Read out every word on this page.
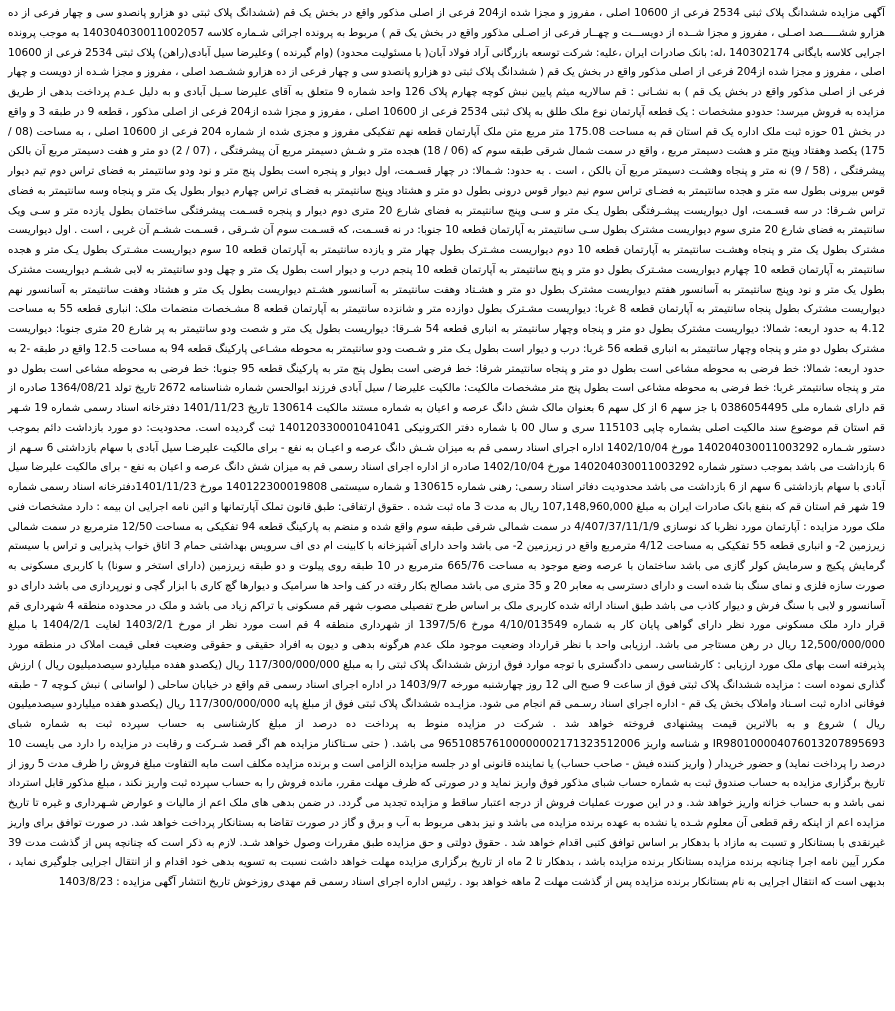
آگهی مزایده ششدانگ پلاک ثبتی 2534 فرعی از 10600 اصلی ، مفروز و مجزا شده از204 فرعی از اصلی مذکور واقع در بخش یک قم (ششدانگ پلاک ثبتی دو هزارو پانصدو سی و چهار فرعی از ده هزارو ششـــــصد اصـلی ، مفروز و مجزا شــده از دویســـت و چهــار فرعی از اصـلی مذکور واقع در بخش یک قم ) مربوط به پرونده اجرائی شـماره کلاسه 140304030011002057 به موجب پرونده اجرایی کلاسه بایگانی 140302174 ،له: بانک صادرات ایران ،علیه: شرکت توسعه بازرگانی آراد فولاد آبان( با مسئولیت محدود) (وام گیرنده ) وعلیرضا سیل آبادی(راهن) پلاک ثبتی 2534 فرعی از 10600 اصلی ، مفروز و مجزا شده از204 فرعی از اصلی مذکور واقع در بخش یک قم ( ششدانگ پلاک ثبتی دو هزارو پانصدو سی و چهار فرعی از ده هزارو ششـصد اصلی ، مفروز و مجزا شـده از دویست و چهار فرعی از اصلی مذکور واقع در بخش یک قم ) به نشـانی : قم سالاریه میثم پایین نبش کوچه چهارم پلاک 126 واحد شماره 9 متعلق به آقای علیرضا سـیل آبادی و به دلیل عـدم پرداخت بدهی از طریق مزایده به فروش میرسد: حدودو مشخصات : یک قطعه آپارتمان نوع ملک طلق به پلاک ثبتی 2534 فرعی از 10600 اصلی ، مفروز و مجزا شده از204 فرعی از اصلی مذکور ، قطعه 9 در طبقه 3 و واقع در بخش 01 حوزه ثبت ملک اداره یک قم استان قم به مساحت 175.08 متر مربع متن ملک آپارتمان قطعه نهم تفکیکی مفروز و مجزی شده از شماره 204 فرعی از 10600 اصلی ، به مساحت (08 / 175) یکصد وهفتاد وپنج متر و هشت دسیمتر مربع ، واقع در سمت شمال شرقی طبقه سوم که (06 / 18) هجده متر و شـش دسیمتر مربع آن پیشرفتگی ، (07 / 2) دو متر و هفت دسیمتر مربع آن بالکن پیشرفتگی ، (58 / 9) نه متر و پنجاه وهشـت دسیمتر مربع آن بالکن ، است . به حدود: شـمالا: در چهار قسـمت، اول دیوار و پنجره است بطول پنج متر و نود ودو سانتیمتر به فضای تراس دوم تیم دیوار قوس بیرونی بطول سه متر و هجده سانتیمتر به فضـای تراس سوم نیم دیوار قوس درونی بطول دو متر و هشتاد وپنج سانتیمتر به فضـای تراس چهارم دیوار بطول یک متر و پنجاه وسه سانتیمتر به فضای تراس شـرقا: در سه قسـمت، اول دیواریست پیشـرفتگی بطول یـک متر و سـی وپنج سانتیمتر به فضای شارع 20 متری دوم دیوار و پنجره قسـمت پیشرفتگی ساختمان بطول یازده متر و سـی ویک سانتیمتر به فضای شارع 20 متری سوم دیواریست مشترک بطول سـی سانتیمتر به آپارتمان قطعه 10 جنوبا: در نه قسـمت، که قسـمت سوم آن شـرقی ، قسـمت ششـم آن غربی ، است . اول دیواریست مشترک بطول یک متر و پنجاه وهشـت سانتیمتر به آپارتمان قطعه 10 دوم دیواریست مشـترک بطول چهار متر و یازده سانتیمتر به آپارتمان قطعه 10 سوم دیواریست مشـترک بطول یـک متر و هجده سانتیمتر به آپارتمان قطعه 10 چهارم دیواریست مشـترک بطول دو متر و پنج سانتیمتر به آپارتمان قطعه 10 پنجم درب و دیوار است بطول یک متر و چهل ودو سانتیمتر به لابی ششـم دیواریست مشترک بطول یک متر و نود وپنج سانتیمتر به آسانسور هفتم دیواریست مشترک بطول دو متر و هشـتاد وهفت سانتیمتر به آسانسور هشـتم دیواریست بطول یک متر و هشتاد وهفت سانتیمتر به آسانسور نهم دیواریست مشترک بطول پنجاه سانتیمتر به آپارتمان قطعه 8 غربا: دیواریست مشـترک بطول دوازده متر و شانزده سانتیمتر به آپارتمان قطعه 8 مشـخصات منضمات ملک: انباری قطعه 55 به مساحت 4.12 به حدود اربعه: شمالا: دیواریست مشترک بطول دو متر و پنجاه وچهار سانتیمتر به انباری قطعه 54 شـرقا: دیواریست بطول یک متر و شصت ودو سانتیمتر به پر شارع 20 متری جنوبا: دیواریست مشترک بطول دو متر و پنجاه وچهار سانتیمتر به انباری قطعه 56 غربا: درب و دیوار است بطول یـک متر و شـصت ودو سانتیمتر به محوطه مشـاعی پارکینگ قطعه 94 به مساحت 12.5 واقع در طبقه -2 به حدود اربعه: شمالا: خط فرضی به محوطه مشاعی است بطول دو متر و پنجاه سانتیمتر شرقا: خط فرضی است بطول پنج متر به پارکینگ قطعه 95 جنوبا: خط فرضی به محوطه مشاعی است بطول دو متر و پنجاه سانتیمتر غربا: خط فرضی به محوطه مشاعی است بطول پنج متر مشخصات مالکیت: مالکیت علیرضا / سیل آبادی فرزند ابوالحسن شماره شناسنامه 2672 تاریخ تولد 1364/08/21 صادره از قم دارای شماره ملی 0386054495 با جز سهم 6 از کل سهم 6 بعنوان مالک شش دانگ عرصه و اعیان به شماره مستند مالکیت 130614 تاریخ 1401/11/23 دفترخانه اسناد رسمی شماره 19 شـهر قم استان قم موضوع سند مالکیت اصلی بشماره چاپی 115103 سری و سال 00 با شماره دفتر الکترونیکی 140120330001041041 ثبت گردیده است. محدودیت: دو مورد بازداشت دائم بموجب دستور شـماره 140204030011003292 مورخ 1402/10/04 اداره اجرای اسناد رسمی قم به میزان شـش دانگ عرصه و اعیـان به نفع - برای مالکیت علیرضـا سیل آبادی با سهام بازداشتی 6 سـهم از 6 بازداشت می باشد بموجب دستور شماره 140204030011003292 مورخ 1402/10/04 صادره از اداره اجرای اسناد رسمی قم به میزان شش دانگ عرصه و اعیان به نفع - برای مالکیت علیرضا سیل آبادی با سهام بازداشتی 6 سهم از 6 بازداشت می باشد محدودیت دفاتر اسناد رسمی: رهنی شماره 130615 و شماره سیستمی 140122300019808 مورخ 1401/11/23دفترخانه اسناد رسمی شماره 19 شهر قم استان قم که بنفع بانک صادرات ایران به مبلغ 107,148,960,000 ریال به مدت 3 ماه ثبت شده . حقوق ارتفاقی: طبق قانون تملک آپارتمانها و ائین نامه اجرایی ان بیمه : دارد مشخصات فنی ملک مورد مزایده : آپارتمان مورد نظربا کد نوسازی 4/407/37/11/1/9 در سمت شمالی شرقی طبقه سوم واقع شده و منضم به پارکینگ قطعه 94 تفکیکی به مساحت 12/50 مترمربع در سمت شمالی زیرزمین 2- و انباری قطعه 55 تفکیکی به مساحت 4/12 مترمربع واقع در زیرزمین 2- می باشد واحد دارای آشپزخانه با کابینت ام دی اف سرویس بهداشتی حمام 3 اتاق خواب پذیرایی و تراس با سیستم گرمایش پکیج و سرمایش کولر گازی می باشد ساختمان با عرصه وضع موجود به مساحت 665/76 مترمربع در 10 طبقه روی پیلوت و دو طبقه زیرزمین (دارای استخر و سونا) با کاربری مسکونی به صورت سازه فلزی و نمای سنگ بنا شده است و دارای دسترسی به معابر 20 و 35 متری می باشد مصالح بکار رفته در کف واحد ها سرامیک و دیوارها گچ کاری با ابزار گچی و نورپردازی می باشد دارای دو آسانسور و لابی با سنگ فرش و دیوار کاذب می باشد طبق اسناد ارائه شده کاربری ملک بر اساس طرح تفصیلی مصوب شهر قم مسکونی با تراکم زیاد می باشد و ملک در محدوده منطقه 4 شهرداری قم قرار دارد ملک مسکونی مورد نظر دارای گواهی پایان کار به شماره 4/10/013549 مورخ 1397/5/6 از شهرداری منطقه 4 قم است مورد نظر از مورخ 1403/2/1 لغایت 1404/2/1 با مبلغ 12,500/000/000 ریال در رهن مستاجر می باشد. ارزیابی واحد با نظر قرارداد وضعیت موجود ملک عدم هرگونه بدهی و دیون به افراد حقیقی و حقوقی وضعیت فعلی قیمت املاک در منطقه مورد پذیرفته است بهای ملک مورد ارزیابی : کارشناسی رسمی دادگستری با توجه موارد فوق ارزش ششدانگ پلاک ثبتی را به مبلغ 117/300/000/000 ریال (یکصدو هفده میلیاردو سیصدمیلیون ریال ) ارزش گذاری نموده است : مزایده ششدانگ پلاک ثبتی فوق از ساعت 9 صبح الی 12 روز چهارشنبه مورخه 1403/9/7 در اداره اجرای اسناد رسمی قم واقع در خیابان ساحلی ( لواسانی ) نبش کـوچه 7 - طبقه فوقانی اداره ثبت اسـناد واملاک بخش یک قم - اداره اجرای اسناد رسـمی قم انجام می شود. مزایـده ششدانگ پلاک ثبتی فوق از مبلغ پایه 117/300/000/000 ریال (یکصدو هفده میلیاردو سیصدمیلیون ریال ) شروع و به بالاترین قیمت پیشنهادی فروخته خواهد شد . شرکت در مزایده منوط به پرداخت ده درصد از مبلغ کارشناسی به حساب سپرده ثبت به شماره شبای IR980100004076013207895693 و شناسه واریز 965108576100000002171323512006 می باشد. ( حتی سـتاکنار مزایده هم اگر قصد شـرکت و رقابت در مزایده را دارد می بایست 10 درصد را پرداخت نماید) و حضور خریدار ( واریز کننده فیش - صاحب حساب) یا نماینده قانونی او در جلسه مزایده الزامی است و برنده مزایده مکلف است مابه التفاوت مبلغ فروش را ظرف مدت 5 روز از تاریخ برگزاری مزایده به حساب صندوق ثبت به شماره حساب شبای مذکور فوق واریز نماید و در صورتی که ظرف مهلت مقرر، مانده فروش را به حساب سپرده ثبت واریز نکند ، مبلغ مذکور قابل استرداد نمی باشد و به حساب خزانه واریز خواهد شد. و در این صورت عملیات فروش از درجه اعتبار ساقط و مزایده تجدید می گردد. در ضمن بدهی های ملک اعم از مالیات و عوارض شـهرداری و غیره تا تاریخ مزایده اعم از اینکه رقم قطعی آن معلوم شـده یا نشده به عهده برنده مزایده می باشد و نیز بدهی مربوط به آب و برق و گاز در صورت تقاضا به بستانکار پرداخت خواهد شد. در صورت توافق برای واریز غیرنقدی با بستانکار و تسبت به مازاد با بدهکار بر اساس توافق کتبی اقدام خواهد شد . حقوق دولتی و حق مزایده طبق مقررات وصول خواهد شـد. لازم به ذکر است که چنانچه پس از گذشت مدت 39 مکرر آیین نامه اجرا چنانچه برنده مزایده بستانکار برنده مزایده باشد ، بدهکار تا 2 ماه از تاریخ برگزاری مزایده مهلت خواهد داشت نسبت به تسویه بدهی خود اقدام و از انتقال اجرایی جلوگیری نماید ، بدیهی است که انتقال اجرایی به نام بستانکار برنده مزایده پس از گذشت مهلت 2 ماهه خواهد بود . رئیس اداره اجرای اسناد رسمی قم مهدی روزخوش تاریخ انتشار آگهی مزایده : 1403/8/23
